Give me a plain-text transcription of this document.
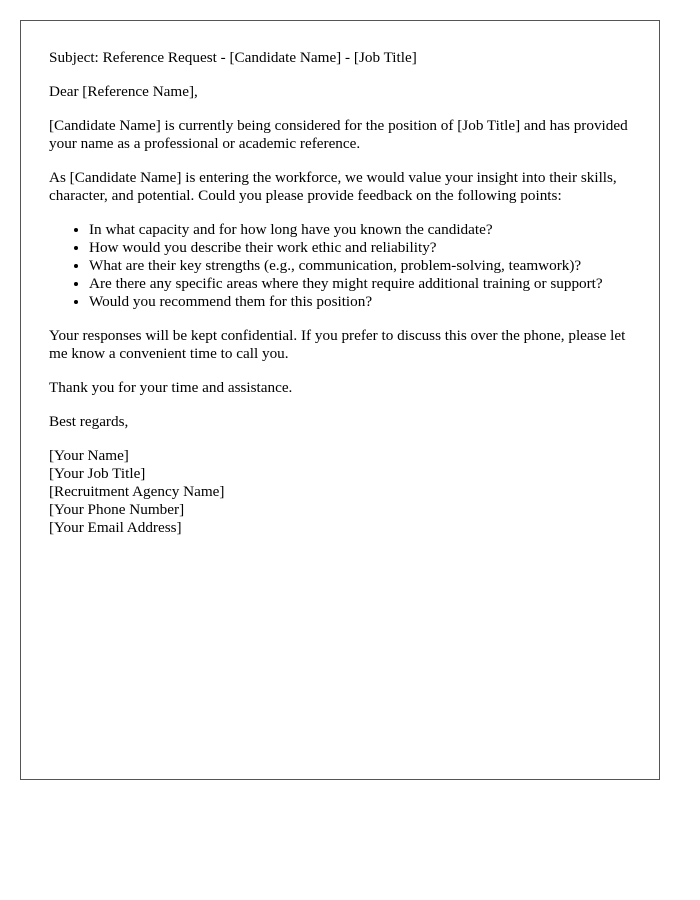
Subject: Reference Request - [Candidate Name] - [Job Title]

Dear [Reference Name],

[Candidate Name] is currently being considered for the position of [Job Title] and has provided your name as a professional or academic reference.

As [Candidate Name] is entering the workforce, we would value your insight into their skills, character, and potential. Could you please provide feedback on the following points:

• In what capacity and for how long have you known the candidate?
• How would you describe their work ethic and reliability?
• What are their key strengths (e.g., communication, problem-solving, teamwork)?
• Are there any specific areas where they might require additional training or support?
• Would you recommend them for this position?

Your responses will be kept confidential. If you prefer to discuss this over the phone, please let me know a convenient time to call you.

Thank you for your time and assistance.

Best regards,

[Your Name]
[Your Job Title]
[Recruitment Agency Name]
[Your Phone Number]
[Your Email Address]
